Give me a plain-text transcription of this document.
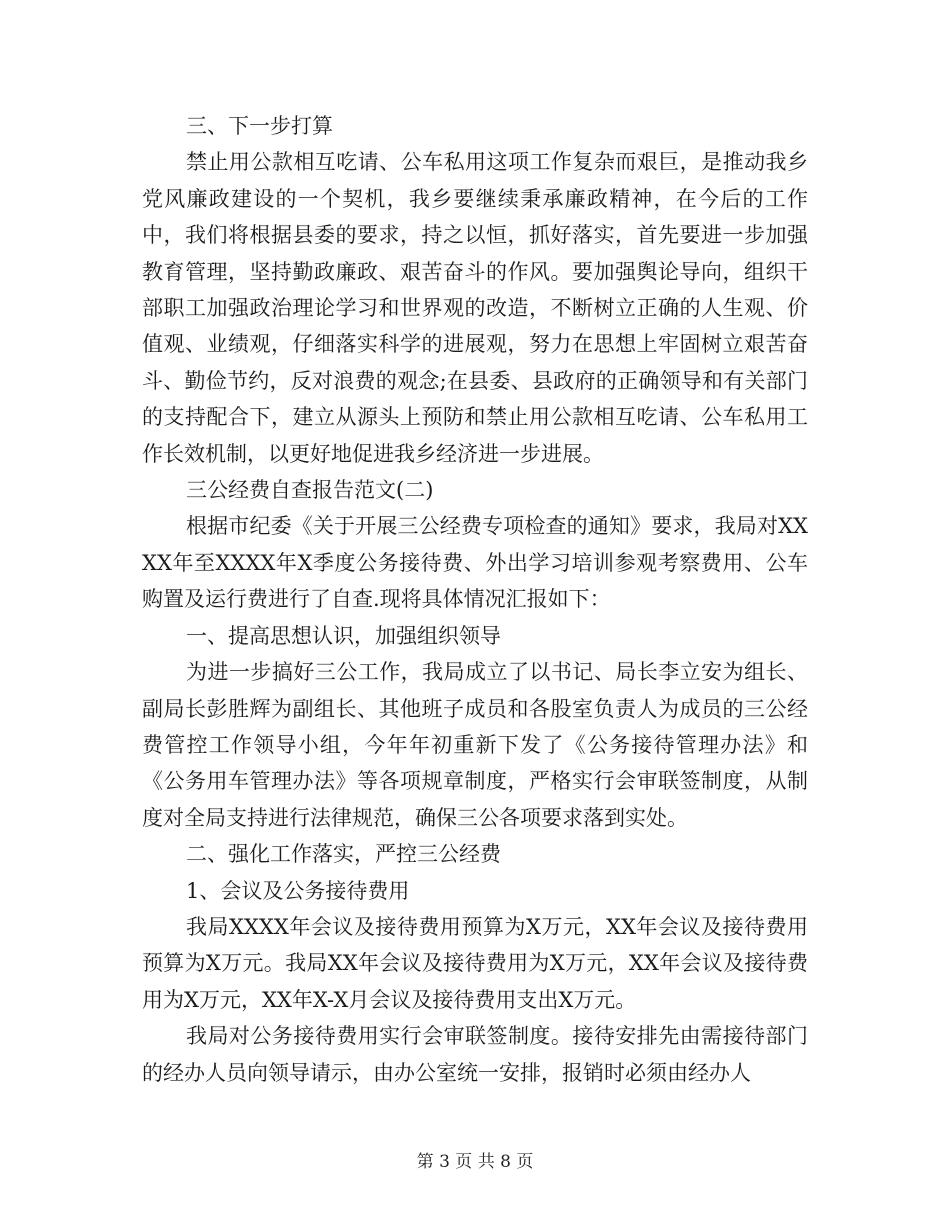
三、下一步打算

禁止用公款相互吃请、公车私用这项工作复杂而艰巨，是推动我乡党风廉政建设的一个契机，我乡要继续秉承廉政精神，在今后的工作中，我们将根据县委的要求，持之以恒，抓好落实，首先要进一步加强教育管理，坚持勤政廉政、艰苦奋斗的作风。要加强舆论导向，组织干部职工加强政治理论学习和世界观的改造，不断树立正确的人生观、价值观、业绩观，仔细落实科学的进展观，努力在思想上牢固树立艰苦奋斗、勤俭节约，反对浪费的观念;在县委、县政府的正确领导和有关部门的支持配合下，建立从源头上预防和禁止用公款相互吃请、公车私用工作长效机制，以更好地促进我乡经济进一步进展。

三公经费自查报告范文(二)

根据市纪委《关于开展三公经费专项检查的通知》要求，我局对XXXX年至XXXX年X季度公务接待费、外出学习培训参观考察费用、公车购置及运行费进行了自查.现将具体情况汇报如下：

一、提高思想认识，加强组织领导

为进一步搞好三公工作，我局成立了以书记、局长李立安为组长、副局长彭胜辉为副组长、其他班子成员和各股室负责人为成员的三公经费管控工作领导小组，今年年初重新下发了《公务接待管理办法》和《公务用车管理办法》等各项规章制度，严格实行会审联签制度，从制度对全局支持进行法律规范，确保三公各项要求落到实处。

二、强化工作落实，严控三公经费

1、会议及公务接待费用

我局XXXX年会议及接待费用预算为X万元，XX年会议及接待费用预算为X万元。我局XX年会议及接待费用为X万元，XX年会议及接待费用为X万元，XX年X-X月会议及接待费用支出X万元。

我局对公务接待费用实行会审联签制度。接待安排先由需接待部门的经办人员向领导请示，由办公室统一安排，报销时必须由经办人

第 3 页 共 8 页
